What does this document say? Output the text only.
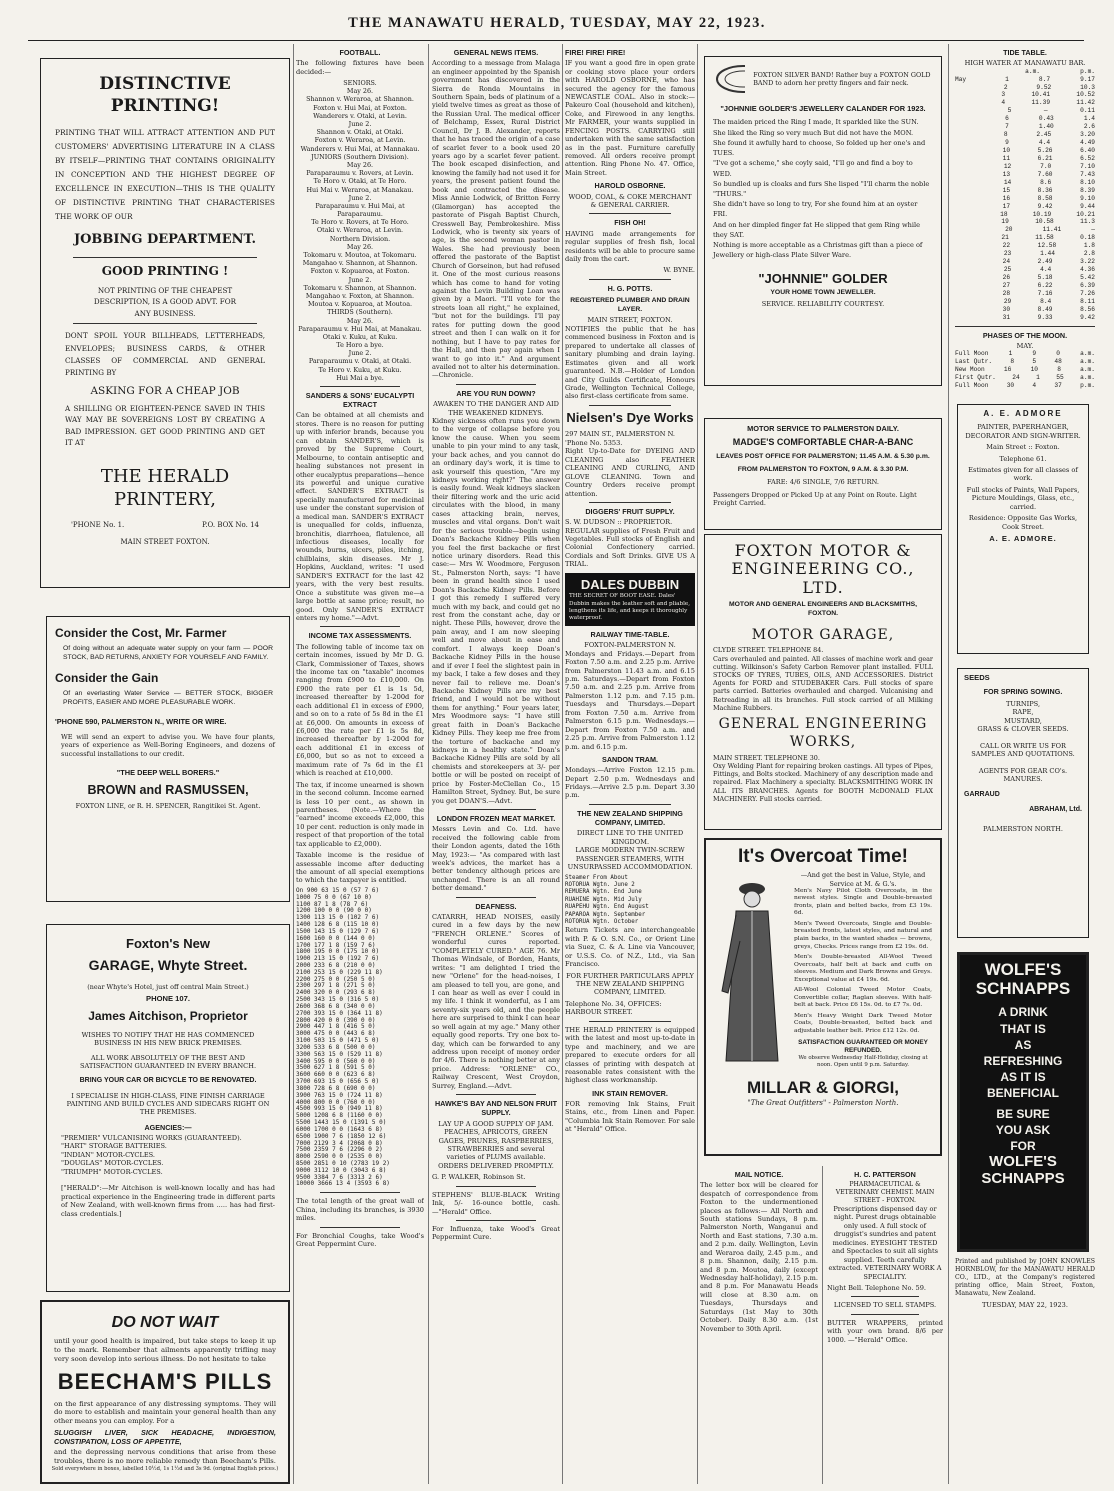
THE MANAWATU HERALD, TUESDAY, MAY 22, 1923.
DISTINCTIVE PRINTING!

PRINTING THAT WILL ATTRACT ATTENTION AND PUT CUSTOMERS' ADVERTISING LITERATURE IN A CLASS BY ITSELF—PRINTING THAT CONTAINS ORIGINALITY IN CONCEPTION AND THE HIGHEST DEGREE OF EXCELLENCE IN EXECUTION—THIS IS THE QUALITY OF DISTINCTIVE PRINTING THAT CHARACTERISES THE WORK OF OUR

JOBBING DEPARTMENT.
GOOD PRINTING !

NOT PRINTING OF THE CHEAPEST DESCRIPTION, IS A GOOD ADVT. FOR ANY BUSINESS.

DONT SPOIL YOUR BILLHEADS, LETTERHEADS, ENVELOPES; BUSINESS CARDS, & OTHER CLASSES OF COMMERCIAL AND GENERAL PRINTING BY

ASKING FOR A CHEAP JOB

A SHILLING OR EIGHTEEN-PENCE SAVED IN THIS WAY MAY BE SOVEREIGNS LOST BY CREATING A BAD IMPRESSION. GET GOOD PRINTING AND GET IT AT

THE HERALD PRINTERY,
'PHONE No. 1.	P.O. BOX No. 14
MAIN STREET FOXTON.
Consider the Cost, Mr. Farmer

Of doing without an adequate water supply on your farm — POOR STOCK, BAD RETURNS, ANXIETY FOR YOURSELF AND FAMILY.

Consider the Gain

Of an everlasting Water Service — BETTER STOCK, BIGGER PROFITS, EASIER AND MORE PLEASURABLE WORK.

'PHONE 590, PALMERSTON N., WRITE OR WIRE.

WE will send an expert to advise you. We have four plants, years of experience as Well-Boring Engineers, and dozens of successful installations to our credit.

"THE DEEP WELL BORERS."
BROWN and RASMUSSEN,
FOXTON LINE, or R. H. SPENCER, Rangitikei St. Agent.
Foxton's New
GARAGE, Whyte Street.
(near Whyte's Hotel, just off central Main Street.)
PHONE 107.
James Aitchison, Proprietor

WISHES TO NOTIFY THAT HE HAS COMMENCED BUSINESS IN HIS NEW BRICK PREMISES.

ALL WORK ABSOLUTELY OF THE BEST AND SATISFACTION GUARANTEED IN EVERY BRANCH.

BRING YOUR CAR OR BICYCLE TO BE RENOVATED.

I SPECIALISE IN HIGH-CLASS, FINE FINISH CARRIAGE PAINTING AND BUILD CYCLES AND SIDECARS RIGHT ON THE PREMISES.

AGENCIES:—
"PREMIER" VULCANISING WORKS (GUARANTEED).
"HART" STORAGE BATTERIES.
"INDIAN" MOTOR-CYCLES.
"DOUGLAS" MOTOR-CYCLES.
"TRIUMPH" MOTOR-CYCLES.

["HERALD":—Mr Aitchison is well-known locally and has had practical experience in the Engineering trade in different parts of New Zealand, with well-known firms from ..... has had first-class credentials.]

DO NOT WAIT

until your good health is impaired, but take steps to keep it up to the mark. Remember that ailments apparently trifling may very soon develop into serious illness. Do not hesitate to take

BEECHAM'S PILLS

on the first appearance of any distressing symptoms. They will do more to establish and maintain your general health than any other means you can employ. For a

SLUGGISH LIVER, SICK HEADACHE, INDIGESTION, CONSTIPATION, LOSS OF APPETITE,

and the depressing nervous conditions that arise from these troubles, there is no more reliable remedy than Beecham's Pills.

Sold everywhere in boxes, labelled 10½d, 1s 1½d and 3s 9d. (original English prices.)
FOOTBALL.

The following fixtures have been decided:—

SENIORS.
May 26.
Shannon v. Weraroa, at Shannon.
Foxton v. Hui Mai, at Foxton.
Wanderers v. Otaki, at Levin.
June 2.
Shannon v. Otaki, at Otaki.
Foxton v. Weraroa, at Levin.
Wanderers v. Hui Mai, at Mannakau.
JUNIORS (Southern Division).
May 26.
Paraparaumu v. Rovers, at Levin.
Te Horo v. Otaki, at Te Horo.
Hui Mai v. Weraroa, at Manakau.
June 2.
Paraparaumu v. Hui Mai, at Paraparaumu.
Te Horo v. Rovers, at Te Horo.
Otaki v. Weraroa, at Levin.
Northern Division.
May 26.
Tokomaru v. Moutoa, at Tokomaru.
Mangahao v. Shannon, at Shannon.
Foxton v. Kopuaroa, at Foxton.
June 2.
Tokomaru v. Shannon, at Shannon.
Mangahao v. Foxton, at Shannon.
Moutoa v. Kopuaroa, at Moutoa.
THIRDS (Southern).
May 26.
Paraparaumu v. Hui Mai, at Manakau.
Otaki v. Kuku, at Kuku.
Te Horo a bye.
June 2.
Paraparaumu v. Otaki, at Otaki.
Te Horo v. Kuku, at Kuku.
Hui Mai a bye.
SANDERS & SONS' EUCALYPTI EXTRACT

Can be obtained at all chemists and stores. There is no reason for putting up with inferior brands, because you can obtain SANDER'S, which is proved by the Supreme Court, Melbourne, to contain antiseptic and healing substances not present in other eucalyptus preparations—hence its powerful and unique curative effect. SANDER'S EXTRACT is specially manufactured for medicinal use under the constant supervision of a medical man. SANDER'S EXTRACT is unequalled for colds, influenza, bronchitis, diarrhoea, flatulence, all infectious diseases, locally for wounds, burns, ulcers, piles, itching, chilblains, skin diseases. Mr J. Hopkins, Auckland, writes: "I used SANDER'S EXTRACT for the last 42 years, with the very best results. Once a substitute was given me—a large bottle at same price; result, no good. Only SANDER'S EXTRACT enters my home."—Advt.

INCOME TAX ASSESSMENTS.

The following table of income tax on certain incomes, issued by Mr D. G. Clark, Commissioner of Taxes, shows the income tax on "taxable" incomes ranging from £900 to £10,000. On £900 the rate per £1 is 1s 5d, increased thereafter by 1-200d for each additional £1 in excess of £900, and so on to a rate of 5s 8d in the £1 at £6,000. On amounts in excess of £6,000 the rate per £1 is 5s 8d, increased thereafter by 1-200d for each additional £1 in excess of £6,000, but so as not to exceed a maximum rate of 7s 6d in the £1 which is reached at £10,000.

The tax, if income unearned is shown in the second column. Income earned is less 10 per cent., as shown in parentheses. (Note.—Where the "earned" income exceeds £2,000, this 10 per cent. reduction is only made in respect of that proportion of the total tax applicable to £2,000).

Taxable income is the residue of assessable income after deducting the amount of all special exemptions to which the taxpayer is entitled.

On 900 63 15 0 (57 7 6)
1000 75 0 0 (67 10 0)
1100 87 1 8 (78 7 6)
1200 100 0 0 (90 0 0)
1300 113 15 0 (102 7 6)
1400 128 6 8 (115 10 0)
1500 143 15 0 (129 7 6)
1600 160 0 0 (144 0 0)
1700 177 1 8 (159 7 6)
1800 195 0 0 (175 10 0)
1900 213 15 0 (192 7 6)
2000 233 6 8 (210 0 0)
2100 253 15 0 (229 11 8)
2200 275 0 0 (250 5 0)
2300 297 1 8 (271 5 0)
2400 320 0 0 (293 6 8)
2500 343 15 0 (316 5 0)
2600 368 6 8 (340 0 0)
2700 393 15 0 (364 11 8)
2800 420 0 0 (390 0 0)
2900 447 1 8 (416 5 0)
3000 475 0 0 (443 6 8)
3100 503 15 0 (471 5 0)
3200 533 6 8 (500 0 0)
3300 563 15 0 (529 11 8)
3400 595 0 0 (560 0 0)
3500 627 1 8 (591 5 0)
3600 660 0 0 (623 6 8)
3700 693 15 0 (656 5 0)
3800 728 6 8 (690 0 0)
3900 763 15 0 (724 11 8)
4000 800 0 0 (760 0 0)
4500 993 15 0 (949 11 8)
5000 1208 6 8 (1160 0 0)
5500 1443 15 0 (1391 5 0)
6000 1700 0 0 (1643 6 8)
6500 1900 7 6 (1850 12 6)
7000 2129 3 4 (2068 0 8)
7500 2359 7 6 (2296 0 2)
8000 2590 0 0 (2535 0 0)
8500 2851 0 10 (2783 19 2)
9000 3112 10 0 (3043 6 8)
9500 3384 7 6 (3313 2 6)
10000 3666 13 4 (3593 6 8)

The total length of the great wall of China, including its branches, is 3930 miles.

For Bronchial Coughs, take Wood's Great Peppermint Cure.

GENERAL NEWS ITEMS.

According to a message from Malaga an engineer appointed by the Spanish government has discovered in the Sierra de Ronda Mountains in Southern Spain, beds of platinum of a yield twelve times as great as those of the Russian Ural. The medical officer of Belchamp, Essex, Rural District Council, Dr J. B. Alexander, reports that he has traced the origin of a case of scarlet fever to a book used 20 years ago by a scarlet fever patient. The book escaped disinfection, and knowing the family had not used it for years, the present patient found the book and contracted the disease. Miss Annie Lodwick, of Britton Ferry (Glamorgan) has accepted the pastorate of Pisgah Baptist Church, Cresswell Bay, Pembrokeshire. Miss Lodwick, who is twenty six years of age, is the second woman pastor in Wales. She had previously been offered the pastorate of the Baptist Church of Gorseinon, but had refused it. One of the most curious reasons which has come to hand for voting against the Levin Building Loan was given by a Maori. "I'll vote for the streets loan all right," he explained, "but not for the buildings. I'll pay rates for putting down the good street and then I can walk on it for nothing, but I have to pay rates for the Hall, and then pay again when I want to go into it." And argument availed not to alter his determination.—Chronicle.

ARE YOU RUN DOWN?
AWAKEN TO THE DANGER AND AID THE WEAKENED KIDNEYS.

Kidney sickness often runs you down to the verge of collapse before you know the cause. When you seem unable to pin your mind to any task, your back aches, and you cannot do an ordinary day's work, it is time to ask yourself this question, "Are my kidneys working right?" The answer is easily found. Weak kidneys slacken their filtering work and the uric acid circulates with the blood, in many cases attacking brain, nerves, muscles and vital organs. Don't wait for the serious trouble—begin using Doan's Backache Kidney Pills when you feel the first backache or first notice urinary disorders. Read this case:— Mrs W. Woodmore, Ferguson St., Palmerston North, says: "I have been in grand health since I used Doan's Backache Kidney Pills. Before I got this remedy I suffered very much with my back, and could get no rest from the constant ache, day or night. These Pills, however, drove the pain away, and I am now sleeping well and move about in ease and comfort. I always keep Doan's Backache Kidney Pills in the house and if ever I feel the slightest pain in my back, I take a few doses and they never fail to relieve me. Doan's Backache Kidney Pills are my best friend, and I would not be without them for anything." Four years later, Mrs Woodmore says: "I have still great faith in Doan's Backache Kidney Pills. They keep me free from the torture of backache and my kidneys in a healthy state." Doan's Backache Kidney Pills are sold by all chemists and storekeepers at 3/- per bottle or will be posted on receipt of price by Foster-McClellan Co., 15 Hamilton Street, Sydney. But, be sure you get DOAN'S.—Advt.

LONDON FROZEN MEAT MARKET.

Messrs Levin and Co. Ltd. have received the following cable from their London agents, dated the 16th May, 1923:— "As compared with last week's advices, the market has a better tendency although prices are unchanged. There is an all round better demand."

DEAFNESS.

CATARRH, HEAD NOISES, easily cured in a few days by the new "FRENCH ORLENE." Scores of wonderful cures reported. "COMPLETELY CURED." AGE 76. Mr Thomas Windsale, of Borden, Hants, writes: "I am delighted I tried the new "Orlene" for the head-noises, I am pleased to tell you, are gone, and I can hear as well as ever I could in my life. I think it wonderful, as I am seventy-six years old, and the people here are surprised to think I can hear so well again at my age." Many other equally good reports. Try one box to-day, which can be forwarded to any address upon receipt of money order for 4/6. There is nothing better at any price. Address: "ORLENE" CO., Railway Crescent, West Croydon, Surrey, England.—Advt.

HAWKE'S BAY AND NELSON FRUIT SUPPLY.

LAY UP A GOOD SUPPLY OF JAM. PEACHES, APRICOTS, GREEN GAGES, PRUNES, RASPBERRIES, STRAWBERRIES and several varieties of PLUMS available. ORDERS DELIVERED PROMPTLY.

G. P. WALKER, Robinson St.

STEPHENS' BLUE-BLACK Writing Ink, 5/- 16-ounce bottle, cash.—"Herald" Office.

For Influenza, take Wood's Great Peppermint Cure.

FIRE! FIRE! FIRE!

IF you want a good fire in open grate or cooking stove place your orders with HAROLD OSBORNE, who has secured the agency for the famous NEWCASTLE COAL. Also in stock:—Pakeuro Coal (household and kitchen), Coke, and Firewood in any lengths. Mr FARMER, your wants supplied in FENCING POSTS. CARRYING still undertaken with the same satisfaction as in the past. Furniture carefully removed. All orders receive prompt attention. Ring Phone No. 47. Office, Main Street.

HAROLD OSBORNE.
WOOD, COAL, & COKE MERCHANT & GENERAL CARRIER.
FISH OH!

HAVING made arrangements for regular supplies of fresh fish, local residents will be able to procure same daily from the cart.

W. BYNE.
H. G. POTTS.
REGISTERED PLUMBER AND DRAIN LAYER.
MAIN STREET, FOXTON.

NOTIFIES the public that he has commenced business in Foxton and is prepared to undertake all classes of sanitary plumbing and drain laying. Estimates given and all work guaranteed. N.B.—Holder of London and City Guilds Certificate, Honours Grade, Wellington Technical College, also first-class certificate from same.

Nielsen's Dye Works
297 MAIN ST., PALMERSTON N.
'Phone No. 5353.

Right Up-to-Date for DYEING AND CLEANING also FEATHER CLEANING AND CURLING, AND GLOVE CLEANING. Town and Country Orders receive prompt attention.

DIGGERS' FRUIT SUPPLY.
S. W. DUDSON :: PROPRIETOR.

REGULAR supplies of Fresh Fruit and Vegetables. Full stocks of English and Colonial Confectionery carried. Cordials and Soft Drinks. GIVE US A TRIAL.

DALES DUBBIN
THE SECRET OF BOOT EASE. Dales' Dubbin makes the leather soft and pliable, lengthens its life, and keeps it thoroughly waterproof.
RAILWAY TIME-TABLE.
FOXTON-PALMERSTON N.

Mondays and Fridays.—Depart from Foxton 7.50 a.m. and 2.25 p.m. Arrive from Palmerston 11.43 a.m. and 6.15 p.m. Saturdays.—Depart from Foxton 7.50 a.m. and 2.25 p.m. Arrive from Palmerston 1.12 p.m. and 7.15 p.m. Tuesdays and Thursdays.—Depart from Foxton 7.50 a.m. Arrive from Palmerston 6.15 p.m. Wednesdays.—Depart from Foxton 7.50 a.m. and 2.25 p.m. Arrive from Palmerston 1.12 p.m. and 6.15 p.m.

SANDON TRAM.

Mondays.—Arrive Foxton 12.15 p.m. Depart 2.50 p.m. Wednesdays and Fridays.—Arrive 2.5 p.m. Depart 3.30 p.m.

THE NEW ZEALAND SHIPPING COMPANY, LIMITED.
DIRECT LINE TO THE UNITED KINGDOM.

LARGE MODERN TWIN-SCREW PASSENGER STEAMERS, WITH UNSURPASSED ACCOMMODATION.

Steamer From About
ROTORUA Wgtn. June 2
REMUERA Wgtn. End June
RUAHINE Wgtn. Mid July
RUAPEHU Wgtn. End August
PAPAROA Wgtn. September
ROTORUA Wgtn. October

Return Tickets are interchangeable with P. & O. S.N. Co., or Orient Line via Suez, C. & A. Line via Vancouver, or U.S.S. Co. of N.Z., Ltd., via San Francisco.

FOR FURTHER PARTICULARS APPLY THE NEW ZEALAND SHIPPING COMPANY, LIMITED.

Telephone No. 34, OFFICES: HARBOUR STREET.

THE HERALD PRINTERY is equipped with the latest and most up-to-date in type and machinery, and we are prepared to execute orders for all classes of printing with despatch at reasonable rates consistent with the highest class workmanship.

INK STAIN REMOVER.

FOR removing Ink Stains, Fruit Stains, etc., from Linen and Paper. "Columbia Ink Stain Remover. For sale at "Herald" Office.

FOXTON SILVER BAND! Rather buy a FOXTON GOLD BAND to adorn her pretty fingers and fair neck.
"JOHNNIE GOLDER'S JEWELLERY CALANDER FOR 1923.
The maiden priced the Ring I made, It sparkled like the SUN.
She liked the Ring so very much But did not have the MON.
She found it awfully hard to choose, So folded up her one's and TUES.
"I've got a scheme," she coyly said, "I'll go and find a boy to WED.
So bundled up is cloaks and furs She lisped "I'll charm the noble "THURS."
She didn't have so long to try, For she found him at an oyster FRI.
And on her dimpled finger fat He slipped that gem Ring while they SAT.
Nothing is more acceptable as a Christmas gift than a piece of Jewellery or high-class Plate Silver Ware.
"JOHNNIE" GOLDER
YOUR HOME TOWN JEWELLER.
SERVICE. RELIABILITY COURTESY.
MOTOR SERVICE TO PALMERSTON DAILY.
MADGE'S COMFORTABLE CHAR-A-BANC
LEAVES POST OFFICE FOR PALMERSTON; 11.45 A.M. & 5.30 p.m.
FROM PALMERSTON TO FOXTON, 9 A.M. & 3.30 P.M.
FARE: 4/6 SINGLE, 7/6 RETURN.
Passengers Dropped or Picked Up at any Point on Route. Light Freight Carried.
FOXTON MOTOR & ENGINEERING CO., LTD.
MOTOR AND GENERAL ENGINEERS AND BLACKSMITHS, FOXTON.
MOTOR GARAGE,
CLYDE STREET. TELEPHONE 84.

Cars overhauled and painted. All classes of machine work and gear cutting. Wilkinson's Safety Carbon Remover plant installed. FULL STOCKS OF TYRES, TUBES, OILS, AND ACCESSORIES. District Agents for FORD and STUDEBAKER Cars. Full stocks of spare parts carried. Batteries overhauled and charged. Vulcanising and Retreading in all its branches. Full stock carried of all Milking Machine Rubbers.

GENERAL ENGINEERING WORKS,
MAIN STREET. TELEPHONE 30.

Oxy Welding Plant for repairing broken castings. All types of Pipes, Fittings, and Bolts stocked. Machinery of any description made and repaired. Flax Machinery a specialty. BLACKSMITHING WORK IN ALL ITS BRANCHES. Agents for BOOTH McDONALD FLAX MACHINERY. Full stocks carried.

It's Overcoat Time!
—And get the best in Value, Style, and Service at M. & G.'s.

Men's Navy Pilot Cloth Overcoats, in the newest styles. Single and Double-breasted fronts, plain and belted backs, from £3 19s. 6d.

Men's Tweed Overcoats, Single and Double-breasted fronts, latest styles, and natural and plain backs, in the wanted shades — browns, greys, Checks. Prices range from £2 19s. 6d.

Men's Double-breasted All-Wool Tweed Overcoats, half belt at back and cuffs on sleeves. Medium and Dark Browns and Greys. Exceptional value at £4 19s. 6d.

All-Wool Colonial Tweed Motor Coats, Convertible collar, Raglan sleeves. With half-belt at back. Price £6 15s. 0d. to £7 7s. 0d.

Men's Heavy Weight Dark Tweed Motor Coats, Double-breasted, belted back and adjustable leather belt. Price £12 12s. 0d.

SATISFACTION GUARANTEED OR MONEY REFUNDED.
We observe Wednesday Half-Holiday, closing at noon. Open until 9 p.m. Saturday.
MILLAR & GIORGI,
"The Great Outfitters" - Palmerston North.
MAIL NOTICE.

The letter box will be cleared for despatch of correspondence from Foxton to the undermentioned places as follows:— All North and South stations Sundays, 8 p.m. Palmerston North, Wanganui and North and East stations, 7.30 a.m. and 2 p.m. daily. Wellington, Levin and Weraroa daily, 2.45 p.m., and 8 p.m. Shannon, daily, 2.15 p.m. and 8 p.m. Moutoa, daily (except Wednesday half-holiday), 2.15 p.m. and 8 p.m. For Manawatu Heads will close at 8.30 a.m. on Tuesdays, Thursdays and Saturdays (1st May to 30th October). Daily 8.30 a.m. (1st November to 30th April.

H. C. PATTERSON
PHARMACEUTICAL & VETERINARY CHEMIST. MAIN STREET - FOXTON.

Prescriptions dispensed day or night. Purest drugs obtainable only used. A full stock of druggist's sundries and patent medicines. EYESIGHT TESTED and Spectacles to suit all sights supplied. Teeth carefully extracted. VETERINARY WORK A SPECIALITY.

Night Bell. Telephone No. 59.
LICENSED TO SELL STAMPS.

BUTTER WRAPPERS, printed with your own brand. 8/6 per 1000. —"Herald" Office.

TIDE TABLE.
HIGH WATER AT MANAWATU BAR.
a.m.	p.m.
May	1	8.7	9.17
2	9.52	10.3
3	10.41	10.52
4	11.39	11.42
5	—	0.11
6	0.43	1.4
7	1.40	2.6
8	2.45	3.20
9	4.4	4.49
10	5.26	6.40
11	6.21	6.52
12	7.0	7.10
13	7.60	7.43
14	8.6	8.10
15	8.36	8.39
16	8.58	9.10
17	9.42	9.44
18	10.19	10.21
19	10.58	11.3
20	11.41	—
21	11.58	0.18
22	12.58	1.8
23	1.44	2.8
24	2.49	3.22
25	4.4	4.36
26	5.18	5.42
27	6.22	6.39
28	7.16	7.26
29	8.4	8.11
30	8.49	8.56
31	9.33	9.42
PHASES OF THE MOON.
MAY.
Full Moon	1	9	0	a.m.
Last Qutr.	8	5	48	a.m.
New Moon	16	10	8	a.m.
First Qutr.	24	1	55	a.m.
Full Moon	30	4	37	p.m.
A. E. ADMORE

PAINTER, PAPERHANGER, DECORATOR AND SIGN-WRITER.

Main Street :: Foxton.

Telephone 61.

Estimates given for all classes of work.

Full stocks of Paints, Wall Papers, Picture Mouldings, Glass, etc., carried.

Residence: Opposite Gas Works, Cook Street.

A. E. ADMORE.
SEEDS
FOR SPRING SOWING.
TURNIPS,
RAPE,
MUSTARD,
GRASS & CLOVER SEEDS.

CALL OR WRITE US FOR SAMPLES AND QUOTATIONS.

AGENTS FOR GEAR CO's. MANURES.

GARRAUD
ABRAHAM, Ltd.
PALMERSTON NORTH.
WOLFE'S SCHNAPPS
A DRINK
THAT IS
AS
REFRESHING
AS IT IS
BENEFICIAL
BE SURE
YOU ASK
FOR
WOLFE'S SCHNAPPS

Printed and published by JOHN KNOWLES HORNBLOW, for the MANAWATU HERALD CO., LTD., at the Company's registered printing office, Main Street, Foxton, Manawatu, New Zealand.

TUESDAY, MAY 22, 1923.
